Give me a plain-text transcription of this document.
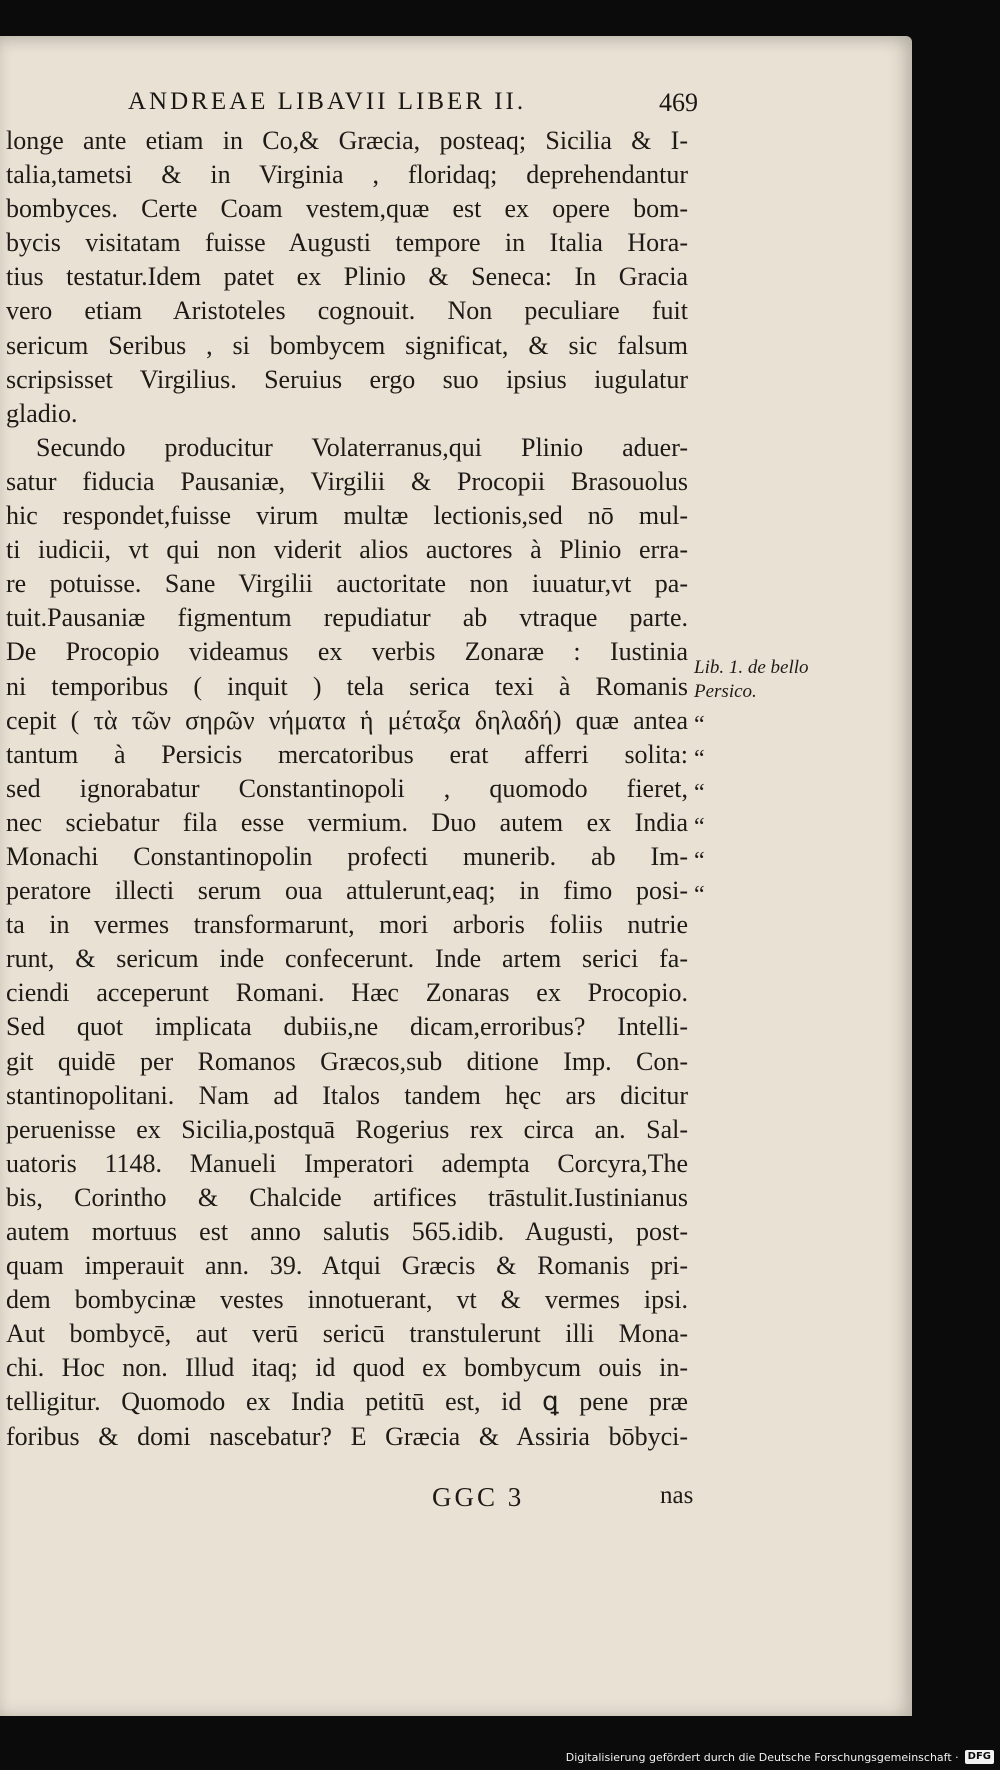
ANDREAE LIBAVII LIBER II.	469
longe ante etiam in Co,& Græcia, posteaq; Sicilia & I-
talia,tametsi & in Virginia , floridaq; deprehendantur
bombyces. Certe Coam vestem,quæ est ex opere bom-
bycis visitatam fuisse Augusti tempore in Italia Hora-
tius testatur.Idem patet ex Plinio & Seneca: In Gracia
vero etiam Aristoteles cognouit. Non peculiare fuit
sericum Seribus , si bombycem significat, & sic falsum
scripsisset Virgilius. Seruius ergo suo ipsius iugulatur
gladio.
Secundo producitur Volaterranus,qui Plinio aduer-
satur fiducia Pausaniæ, Virgilii & Procopii Brasouolus
hic respondet,fuisse virum multæ lectionis,sed nō mul-
ti iudicii, vt qui non viderit alios auctores à Plinio erra-
re potuisse. Sane Virgilii auctoritate non iuuatur,vt pa-
tuit.Pausaniæ figmentum repudiatur ab vtraque parte.
De Procopio videamus ex verbis Zonaræ : Iustinia
ni temporibus ( inquit ) tela serica texi à Romanis
cepit ( τὰ τῶν σηρῶν νήματα ἡ μέταξα δηλαδή) quæ antea
tantum à Persicis mercatoribus erat afferri solita:
sed ignorabatur Constantinopoli , quomodo fieret,
nec sciebatur fila esse vermium. Duo autem ex India
Monachi Constantinopolin profecti munerib. ab Im-
peratore illecti serum oua attulerunt,eaq; in fimo posi-
ta in vermes transformarunt, mori arboris foliis nutrie
runt, & sericum inde confecerunt. Inde artem serici fa-
ciendi acceperunt Romani. Hæc Zonaras ex Procopio.
Sed quot implicata dubiis,ne dicam,erroribus? Intelli-
git quidē per Romanos Græcos,sub ditione Imp. Con-
stantinopolitani. Nam ad Italos tandem hęc ars dicitur
peruenisse ex Sicilia,postquā Rogerius rex circa an. Sal-
uatoris 1148. Manueli Imperatori adempta Corcyra,The
bis, Corintho & Chalcide artifices trāstulit.Iustinianus
autem mortuus est anno salutis 565.idib. Augusti, post-
quam imperauit ann. 39. Atqui Græcis & Romanis pri-
dem bombycinæ vestes innotuerant, vt & vermes ipsi.
Aut bombycē, aut verū sericū transtulerunt illi Mona-
chi. Hoc non. Illud itaq; id quod ex bombycum ouis in-
telligitur. Quomodo ex India petitū est, id ꝗ pene præ
foribus & domi nascebatur? E Græcia & Assiria bōbyci-
Lib. 1. de bello Persico.
“
“
“
“
“
“
GGC 3	nas
Digitalisierung gefördert durch die Deutsche Forschungsgemeinschaft · DFG
